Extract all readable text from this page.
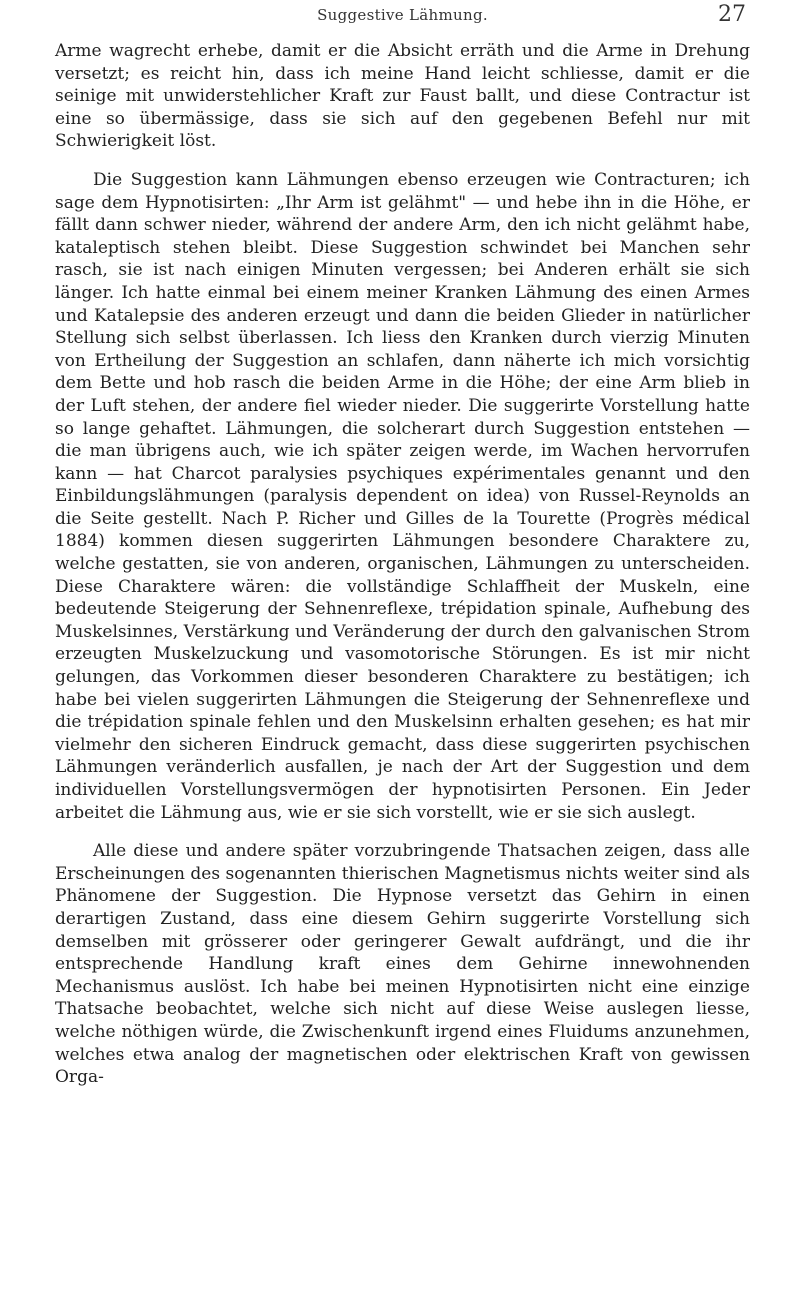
Suggestive Lähmung.	27

Arme wagrecht erhebe, damit er die Absicht erräth und die Arme in Drehung versetzt; es reicht hin, dass ich meine Hand leicht schliesse, damit er die seinige mit unwiderstehlicher Kraft zur Faust ballt, und diese Contractur ist eine so übermässige, dass sie sich auf den gegebenen Befehl nur mit Schwierigkeit löst.

Die Suggestion kann Lähmungen ebenso erzeugen wie Contracturen; ich sage dem Hypnotisirten: „Ihr Arm ist gelähmt" — und hebe ihn in die Höhe, er fällt dann schwer nieder, während der andere Arm, den ich nicht gelähmt habe, kataleptisch stehen bleibt. Diese Suggestion schwindet bei Manchen sehr rasch, sie ist nach einigen Minuten vergessen; bei Anderen erhält sie sich länger. Ich hatte einmal bei einem meiner Kranken Lähmung des einen Armes und Katalepsie des anderen erzeugt und dann die beiden Glieder in natürlicher Stellung sich selbst überlassen. Ich liess den Kranken durch vierzig Minuten von Ertheilung der Suggestion an schlafen, dann näherte ich mich vorsichtig dem Bette und hob rasch die beiden Arme in die Höhe; der eine Arm blieb in der Luft stehen, der andere fiel wieder nieder. Die suggerirte Vorstellung hatte so lange gehaftet. Lähmungen, die solcherart durch Suggestion entstehen — die man übrigens auch, wie ich später zeigen werde, im Wachen hervorrufen kann — hat Charcot paralysies psychiques expérimentales genannt und den Einbildungslähmungen (paralysis dependent on idea) von Russel-Reynolds an die Seite gestellt. Nach P. Richer und Gilles de la Tourette (Progrès médical 1884) kommen diesen suggerirten Lähmungen besondere Charaktere zu, welche gestatten, sie von anderen, organischen, Lähmungen zu unterscheiden. Diese Charaktere wären: die vollständige Schlaffheit der Muskeln, eine bedeutende Steigerung der Sehnenreflexe, trépidation spinale, Aufhebung des Muskelsinnes, Verstärkung und Veränderung der durch den galvanischen Strom erzeugten Muskelzuckung und vasomotorische Störungen. Es ist mir nicht gelungen, das Vorkommen dieser besonderen Charaktere zu bestätigen; ich habe bei vielen suggerirten Lähmungen die Steigerung der Sehnenreflexe und die trépidation spinale fehlen und den Muskelsinn erhalten gesehen; es hat mir vielmehr den sicheren Eindruck gemacht, dass diese suggerirten psychischen Lähmungen veränderlich ausfallen, je nach der Art der Suggestion und dem individuellen Vorstellungsvermögen der hypnotisirten Personen. Ein Jeder arbeitet die Lähmung aus, wie er sie sich vorstellt, wie er sie sich auslegt.

Alle diese und andere später vorzubringende Thatsachen zeigen, dass alle Erscheinungen des sogenannten thierischen Magnetismus nichts weiter sind als Phänomene der Suggestion. Die Hypnose versetzt das Gehirn in einen derartigen Zustand, dass eine diesem Gehirn suggerirte Vorstellung sich demselben mit grösserer oder geringerer Gewalt aufdrängt, und die ihr entsprechende Handlung kraft eines dem Gehirne innewohnenden Mechanismus auslöst. Ich habe bei meinen Hypnotisirten nicht eine einzige Thatsache beobachtet, welche sich nicht auf diese Weise auslegen liesse, welche nöthigen würde, die Zwischenkunft irgend eines Fluidums anzunehmen, welches etwa analog der magnetischen oder elektrischen Kraft von gewissen Orga-
